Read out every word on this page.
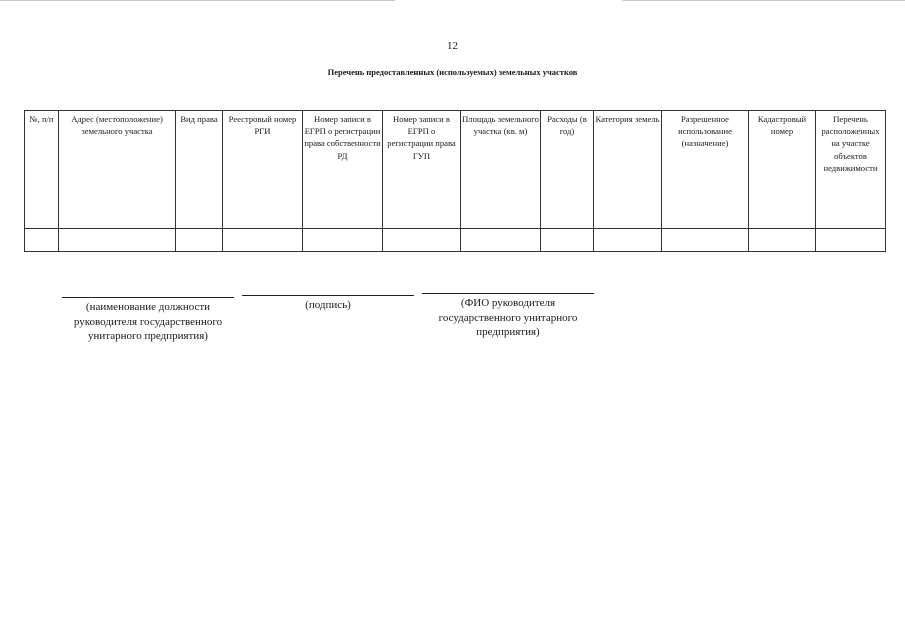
12
Перечень предоставленных (используемых) земельных участков
№, п/п	Адрес (местоположение) земельного участка	Вид права	Реестровый номер РГИ	Номер записи в ЕГРП о регистрации права собственности РД	Номер записи в ЕГРП о регистрации права ГУП	Площадь земельного участка (кв. м)	Расходы (в год)	Категория земель	Разрешенное использование (назначение)	Кадастровый номер	Перечень расположенных на участке объектов недвижимости

(наименование должности руководителя государственного унитарного предприятия)
(подпись)	(ФИО руководителя государственного унитарного предприятия)
